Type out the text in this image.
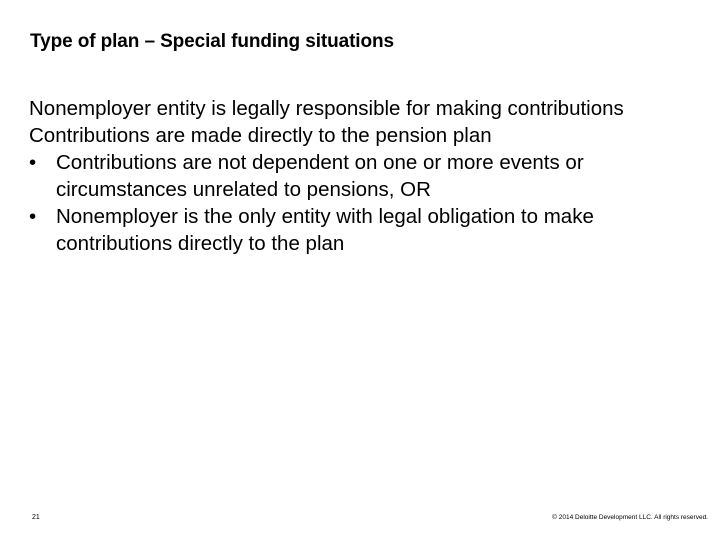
Type of plan – Special funding situations

Nonemployer entity is legally responsible for making contributions

Contributions are made directly to the pension plan

• Contributions are not dependent on one or more events or circumstances unrelated to pensions, OR
• Nonemployer is the only entity with legal obligation to make contributions directly to the plan
21	© 2014 Deloitte Development LLC. All rights reserved.
